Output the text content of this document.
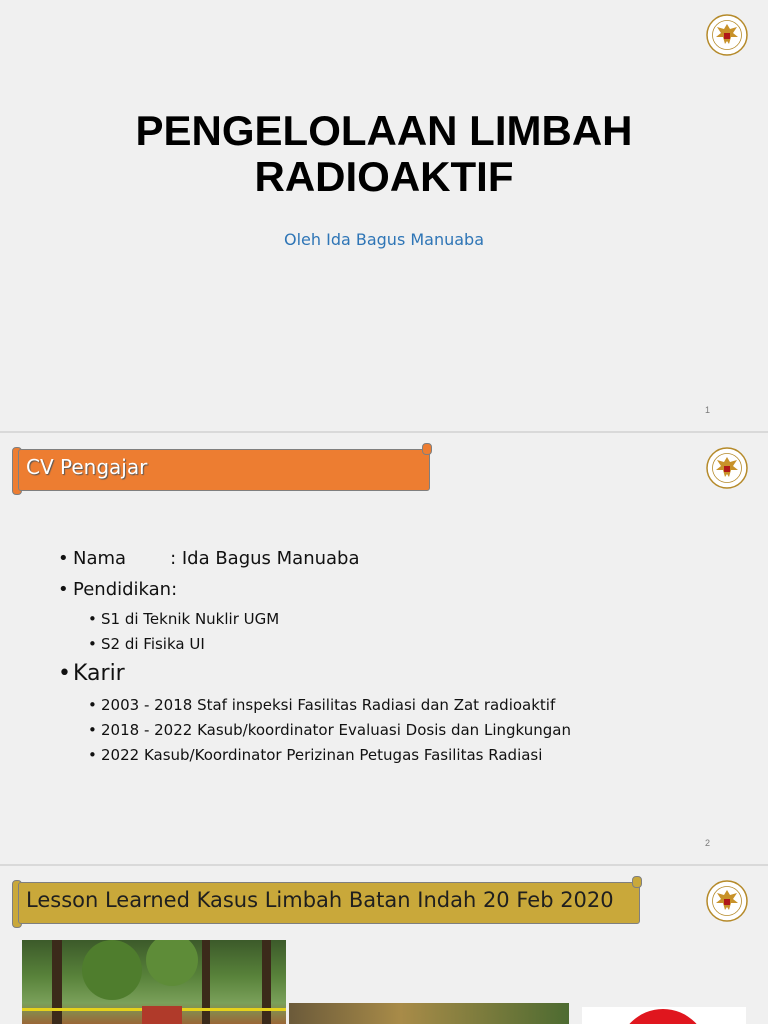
PENGELOLAAN LIMBAH
RADIOAKTIF
Oleh Ida Bagus Manuaba
1
CV Pengajar
• Nama : Ida Bagus Manuaba
• Pendidikan:
• S1 di Teknik Nuklir UGM
• S2 di Fisika UI
• Karir
• 2003 - 2018 Staf inspeksi Fasilitas Radiasi dan Zat radioaktif
• 2018 - 2022 Kasub/koordinator Evaluasi Dosis dan Lingkungan
• 2022 Kasub/Koordinator Perizinan Petugas Fasilitas Radiasi
2
Lesson Learned Kasus Limbah Batan Indah 20 Feb 2020
